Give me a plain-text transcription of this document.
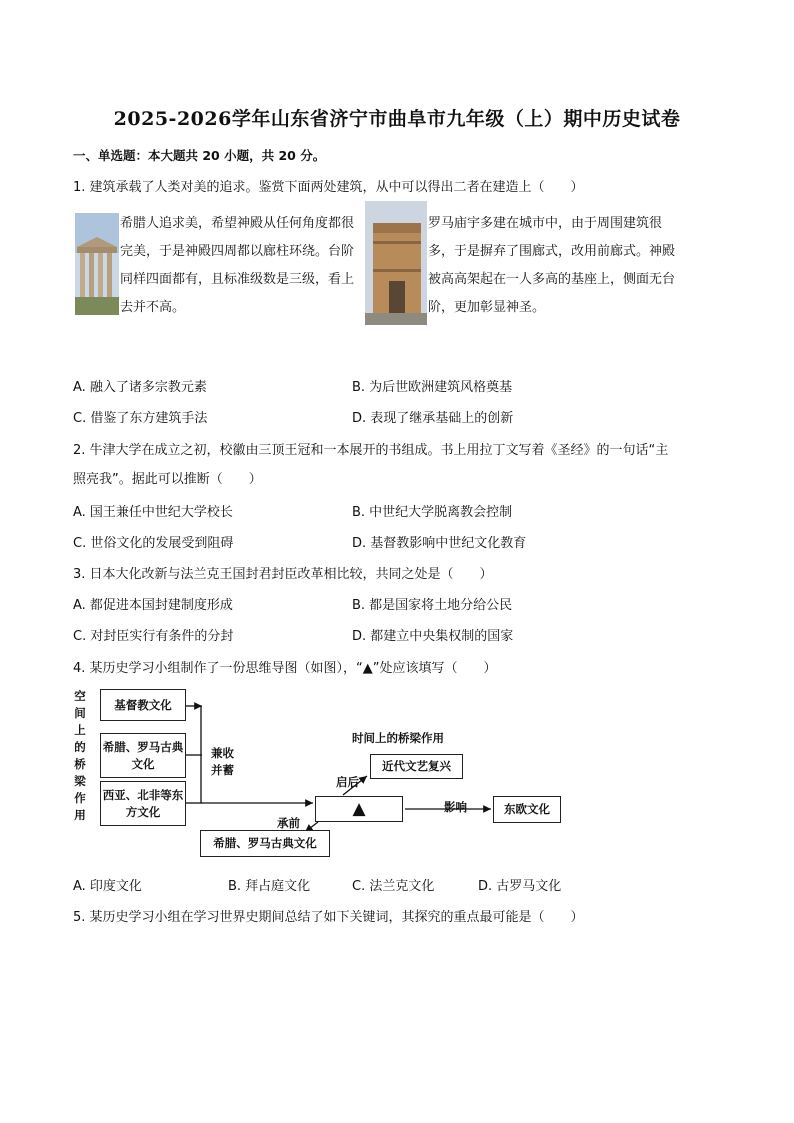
2025-2026学年山东省济宁市曲阜市九年级（上）期中历史试卷
一、单选题：本大题共 20 小题，共 20 分。
1. 建筑承载了人类对美的追求。鉴赏下面两处建筑，从中可以得出二者在建造上（　　）
希腊人追求美，希望神殿从任何角度都很完美，于是神殿四周都以廊柱环绕。台阶同样四面都有，且标准级数是三级，看上去并不高。
罗马庙宇多建在城市中，由于周围建筑很多，于是摒弃了围廊式，改用前廊式。神殿被高高架起在一人多高的基座上，侧面无台阶，更加彰显神圣。
A. 融入了诸多宗教元素	B. 为后世欧洲建筑风格奠基
C. 借鉴了东方建筑手法	D. 表现了继承基础上的创新
2. 牛津大学在成立之初，校徽由三顶王冠和一本展开的书组成。书上用拉丁文写着《圣经》的一句话“主
照亮我”。据此可以推断（　　）
A. 国王兼任中世纪大学校长	B. 中世纪大学脱离教会控制
C. 世俗文化的发展受到阻碍	D. 基督教影响中世纪文化教育
3. 日本大化改新与法兰克王国封君封臣改革相比较，共同之处是（　　）
A. 都促进本国封建制度形成	B. 都是国家将土地分给公民
C. 对封臣实行有条件的分封	D. 都建立中央集权制的国家
4. 某历史学习小组制作了一份思维导图（如图），“▲”处应该填写（　　）
空间上的桥梁作用
基督教文化
希腊、罗马古典文化
西亚、北非等东方文化
兼收并蓄
时间上的桥梁作用
启后
近代文艺复兴
▲	影响	东欧文化
承前
希腊、罗马古典文化
A. 印度文化	B. 拜占庭文化	C. 法兰克文化	D. 古罗马文化
5. 某历史学习小组在学习世界史期间总结了如下关键词，其探究的重点最可能是（　　）
